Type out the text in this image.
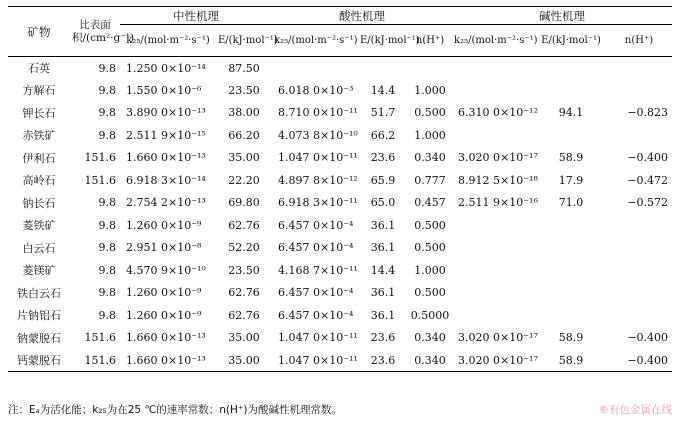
矿物	比表面积/(cm²·g⁻¹)	中性机理		酸性机理			碱性机理		
		k₂₅/(mol·m⁻²·s⁻¹)	E/(kJ·mol⁻¹)	k₂₅/(mol·m⁻²·s⁻¹)	E/(kJ·mol⁻¹)	n(H⁺)	k₂₅/(mol·m⁻²·s⁻¹)	E/(kJ·mol⁻¹)	n(H⁺)
石英	9.8	1.250 0×10⁻¹⁴	87.50						
方解石	9.8	1.550 0×10⁻⁶	23.50	6.018 0×10⁻³	14.4	1.000			
钾长石	9.8	3.890 0×10⁻¹³	38.00	8.710 0×10⁻¹¹	51.7	0.500	6.310 0×10⁻¹²	94.1	−0.823
赤铁矿	9.8	2.511 9×10⁻¹⁵	66.20	4.073 8×10⁻¹⁰	66.2	1.000			
伊利石	151.6	1.660 0×10⁻¹³	35.00	1.047 0×10⁻¹¹	23.6	0.340	3.020 0×10⁻¹⁷	58.9	−0.400
高岭石	151.6	6.918 3×10⁻¹⁴	22.20	4.897 8×10⁻¹²	65.9	0.777	8.912 5×10⁻¹⁸	17.9	−0.472
钠长石	9.8	2.754 2×10⁻¹³	69.80	6.918 3×10⁻¹¹	65.0	0.457	2.511 9×10⁻¹⁶	71.0	−0.572
菱铁矿	9.8	1.260 0×10⁻⁹	62.76	6.457 0×10⁻⁴	36.1	0.500			
白云石	9.8	2.951 0×10⁻⁸	52.20	6.457 0×10⁻⁴	36.1	0.500			
菱镁矿	9.8	4.570 9×10⁻¹⁰	23.50	4.168 7×10⁻¹¹	14.4	1.000			
铁白云石	9.8	1.260 0×10⁻⁹	62.76	6.457 0×10⁻⁴	36.1	0.500			
片钠铝石	9.8	1.260 0×10⁻⁹	62.76	6.457 0×10⁻⁴	36.1	0.5000			
钠蒙脱石	151.6	1.660 0×10⁻¹³	35.00	1.047 0×10⁻¹¹	23.6	0.340	3.020 0×10⁻¹⁷	58.9	−0.400
钙蒙脱石	151.6	1.660 0×10⁻¹³	35.00	1.047 0×10⁻¹¹	23.6	0.340	3.020 0×10⁻¹⁷	58.9	−0.400
注：Eₐ为活化能；k₂₅为在25 ℃的速率常数；n(H⁺)为酸碱性机理常数。	®有色金属在线
